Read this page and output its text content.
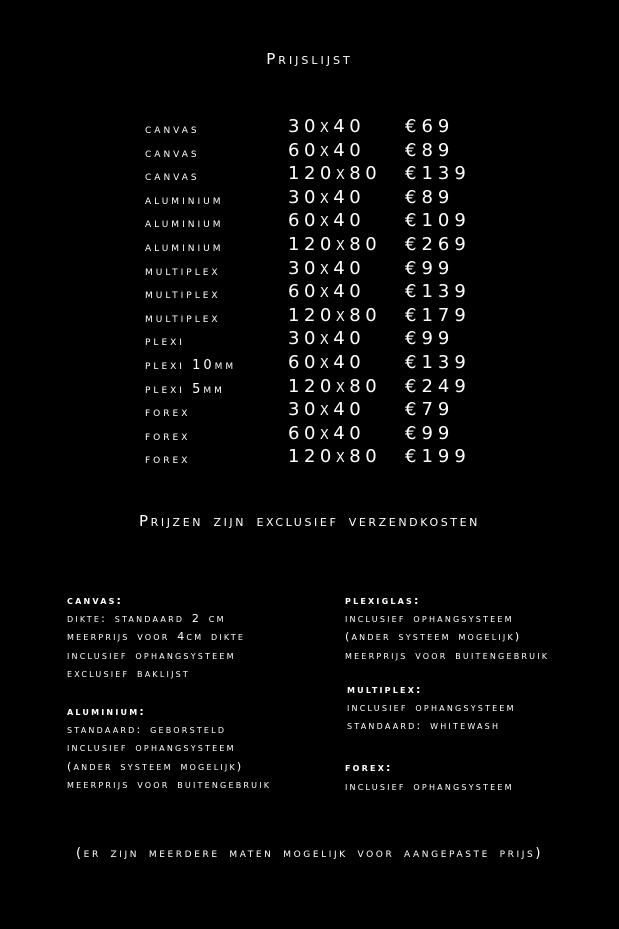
Prijslijst
canvas	30x40 €69
canvas	60x40 €89
canvas	120x80 €139
aluminium	30x40 €89
aluminium	60x40 €109
aluminium	120x80 €269
multiplex	30x40 €99
multiplex	60x40 €139
multiplex	120x80 €179
plexi	30x40 €99
plexi 10mm	60x40 €139
plexi 5mm	120x80 €249
forex	30x40 €79
forex	60x40 €99
forex	120x80 €199
Prijzen zijn exclusief verzendkosten
canvas:
dikte: standaard 2 cm
meerprijs voor 4cm dikte
inclusief ophangsysteem
exclusief baklijst
aluminium:
standaard: geborsteld
inclusief ophangsysteem
(ander systeem mogelijk)
meerprijs voor buitengebruik
plexiglas:
inclusief ophangsysteem
(ander systeem mogelijk)
meerprijs voor buitengebruik
multiplex:
inclusief ophangsysteem
standaard: whitewash
forex:
inclusief ophangsysteem
(er zijn meerdere maten mogelijk voor aangepaste prijs)
